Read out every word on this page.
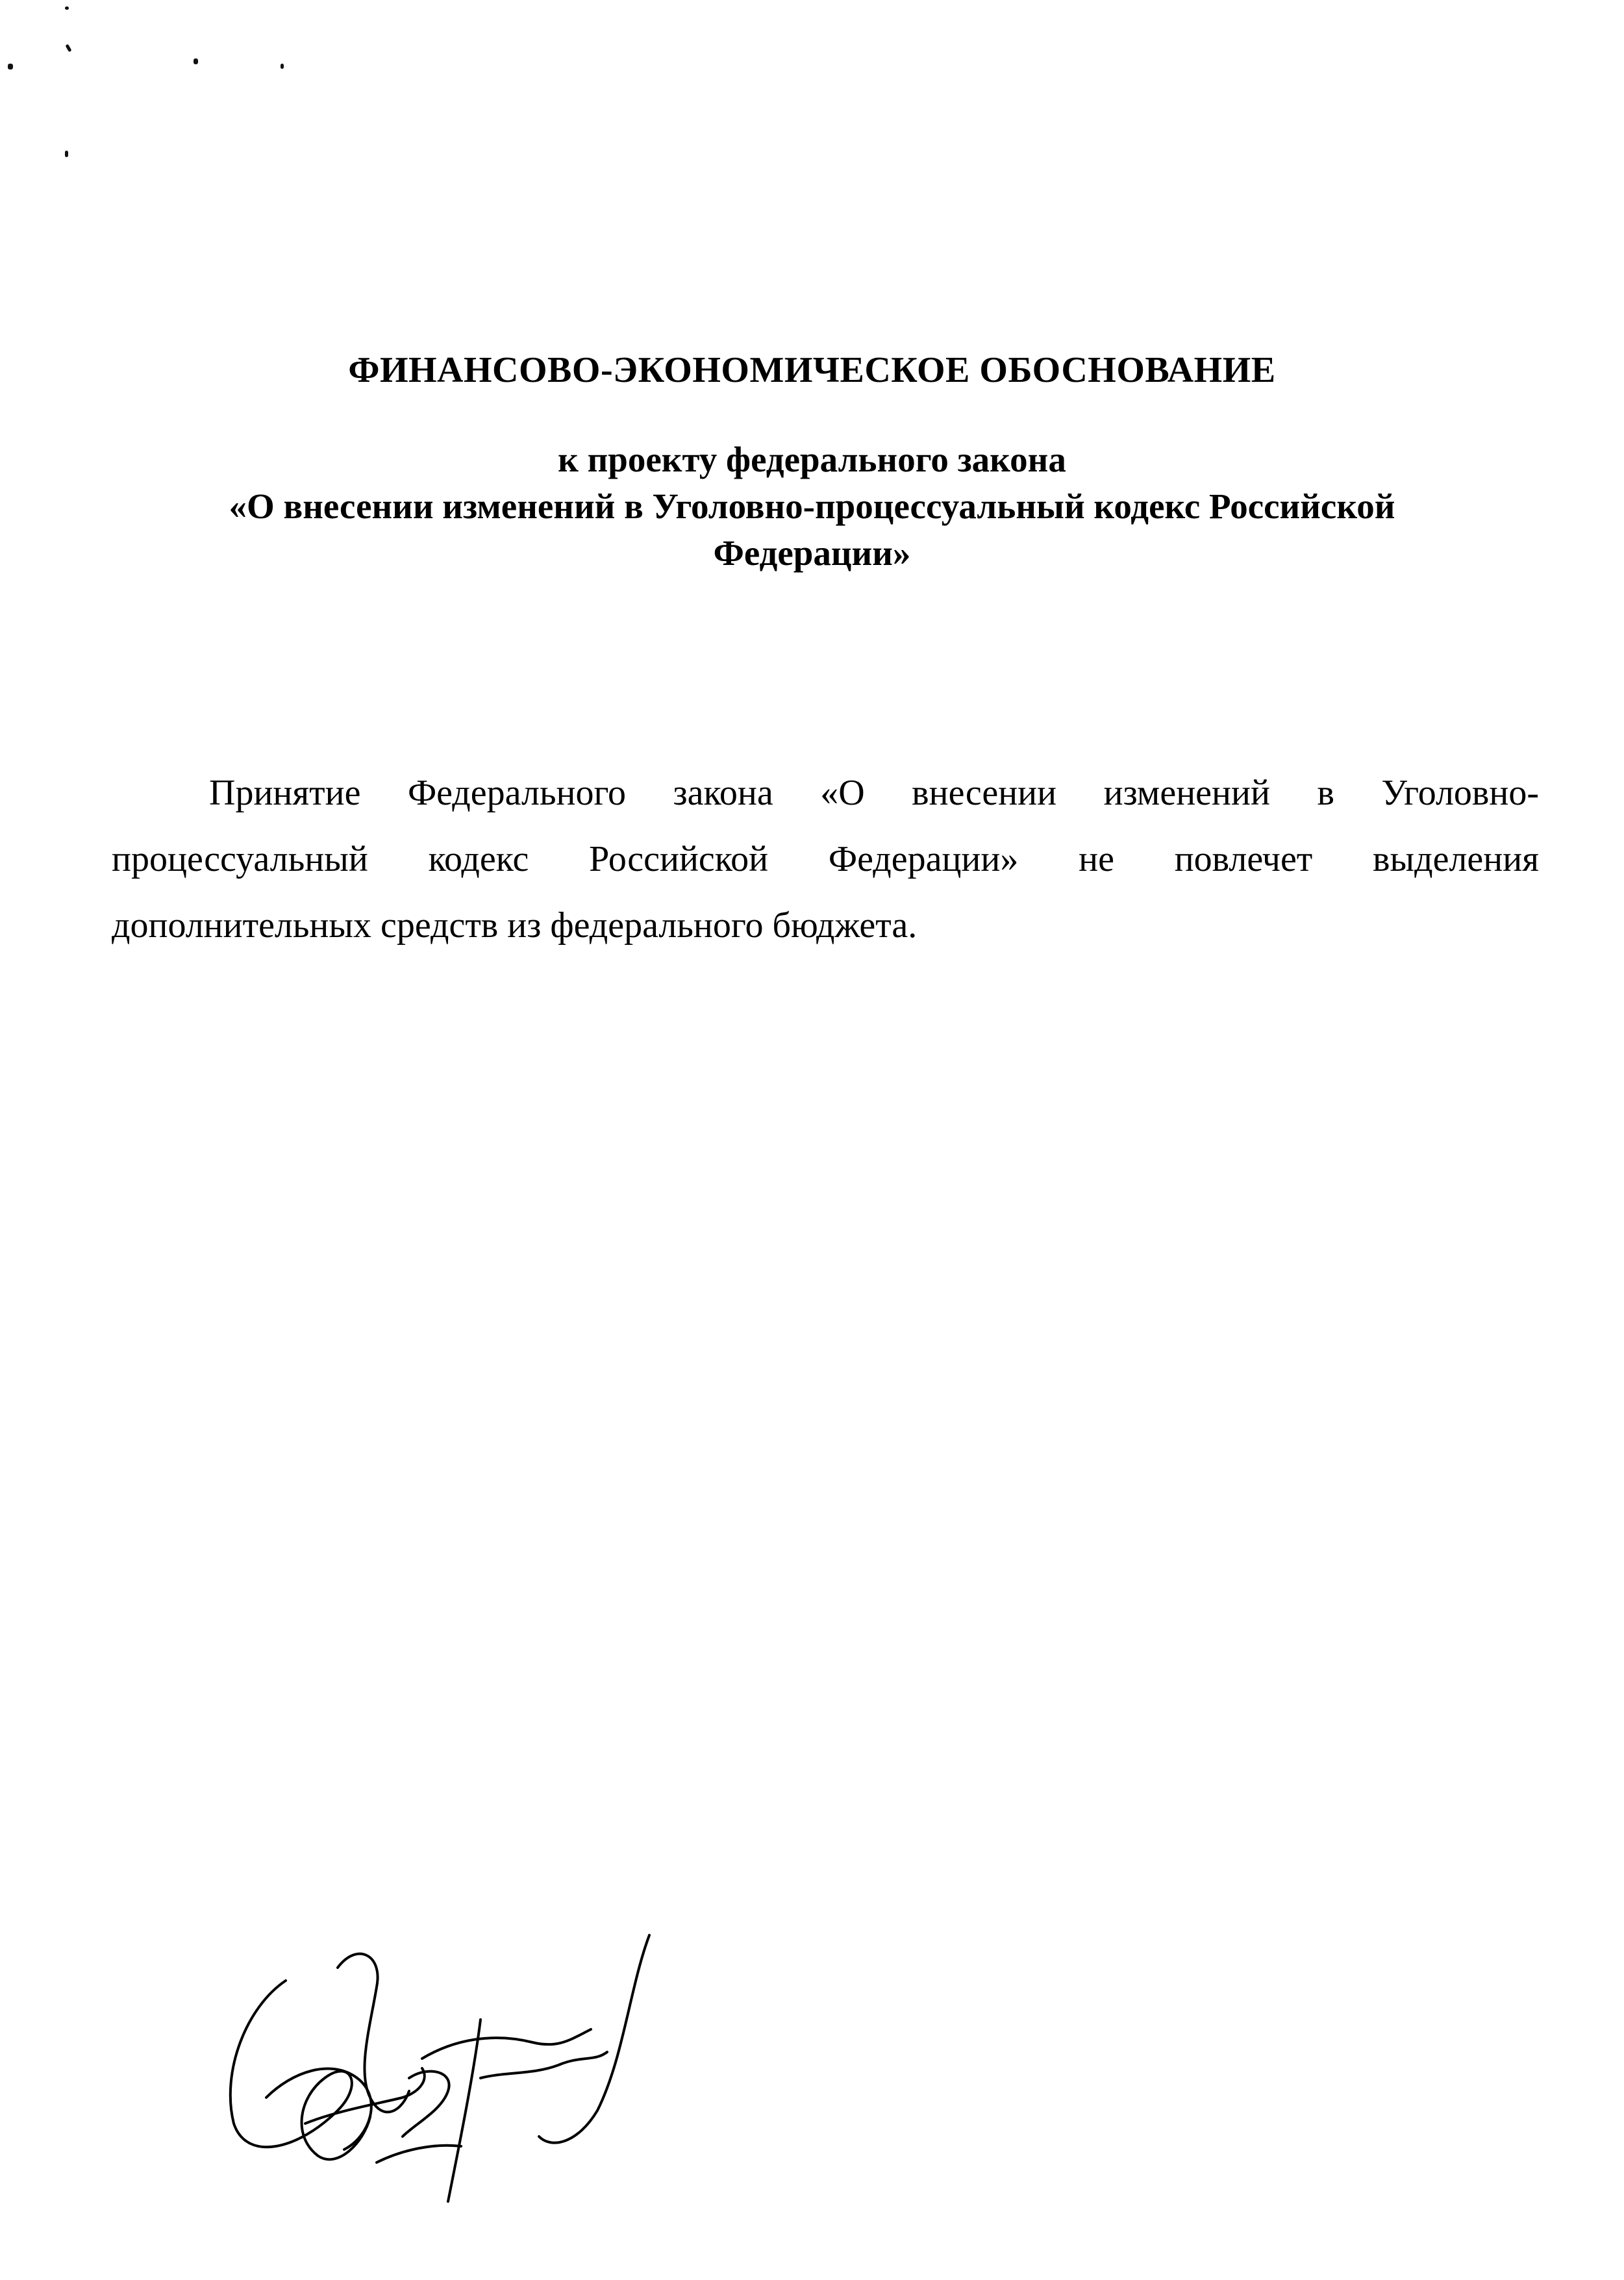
ФИНАНСОВО-ЭКОНОМИЧЕСКОЕ ОБОСНОВАНИЕ
к проекту федерального закона
«О внесении изменений в Уголовно-процессуальный кодекс Российской
Федерации»
Принятие Федерального закона «О внесении изменений в Уголовно-
процессуальный кодекс Российской Федерации» не повлечет выделения
дополнительных средств из федерального бюджета.
